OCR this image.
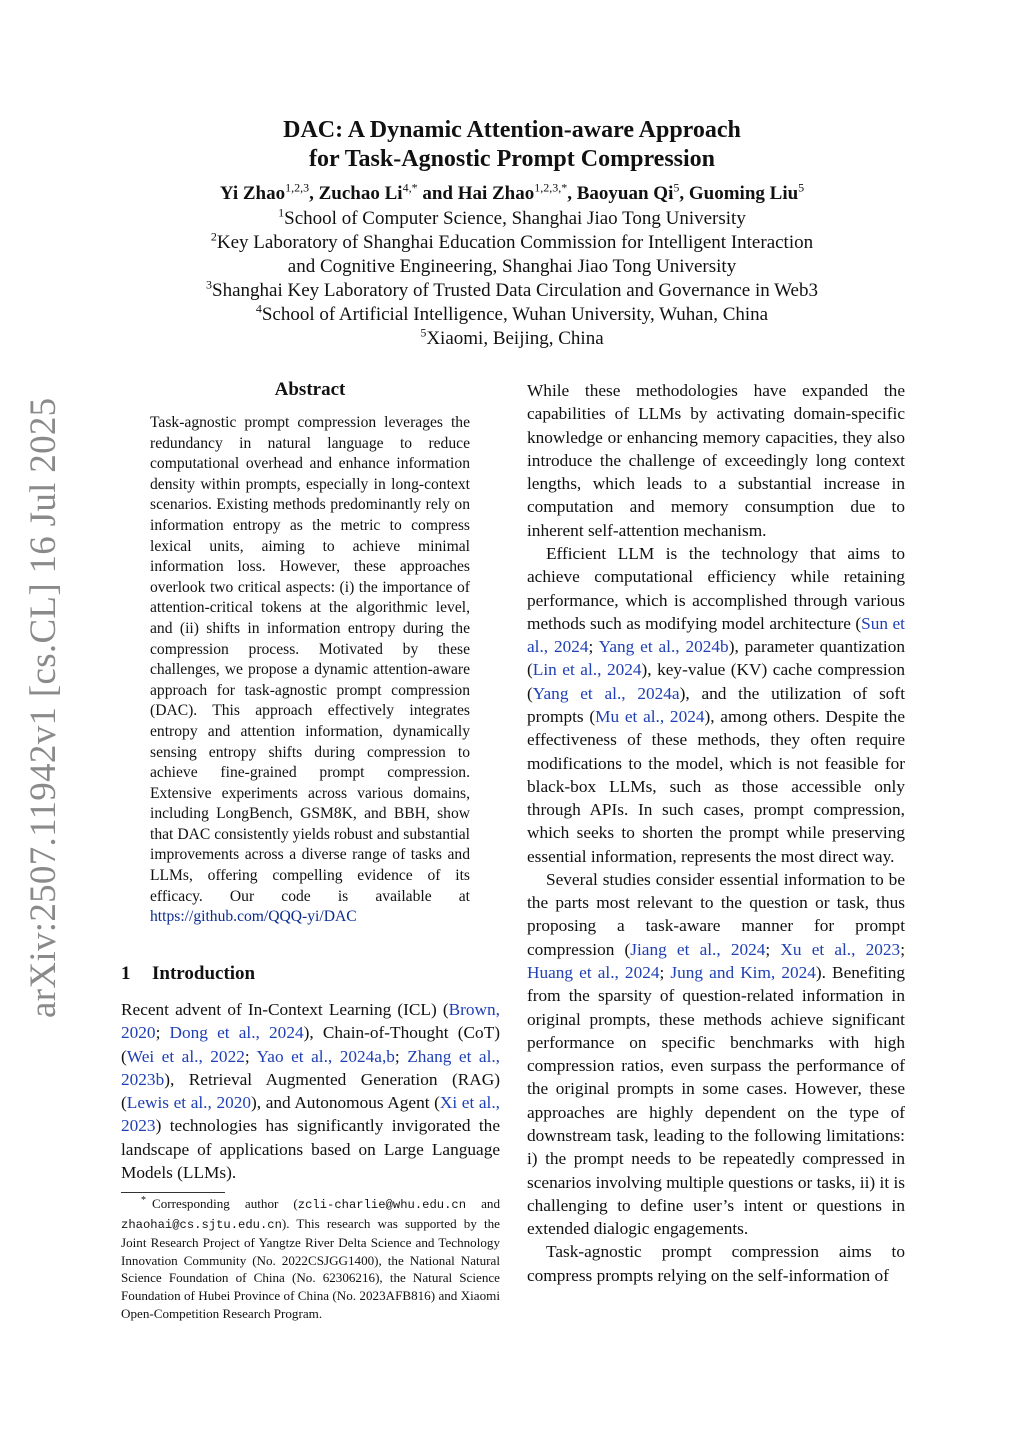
arXiv:2507.11942v1 [cs.CL] 16 Jul 2025
DAC: A Dynamic Attention-aware Approach
for Task-Agnostic Prompt Compression
Yi Zhao$^{1,2,3}$, Zuchao $Li^{4,*}$ and Hai Zhao$^{1,2,3,*}$, Baoyuan Qi$^5$, Guoming Liu$^5$
$^1$School of Computer Science, Shanghai Jiao Tong University
$^2$Key Laboratory of Shanghai Education Commission for Intelligent Interaction
and Cognitive Engineering, Shanghai Jiao Tong University
$^3$Shanghai Key Laboratory of Trusted Data Circulation and Governance in Web3
$^4$School of Artificial Intelligence, Wuhan University, Wuhan, China
$^5$Xiaomi, Beijing, China
Abstract
Task-agnostic prompt compression leverages the redundancy in natural language to reduce computational overhead and enhance information density within prompts, especially in long-context scenarios. Existing methods predominantly rely on information entropy as the metric to compress lexical units, aiming to achieve minimal information loss. However, these approaches overlook two critical aspects: (i) the importance of attention-critical tokens at the algorithmic level, and (ii) shifts in information entropy during the compression process. Motivated by these challenges, we propose a dynamic attention-aware approach for task-agnostic prompt compression (DAC). This approach effectively integrates entropy and attention information, dynamically sensing entropy shifts during compression to achieve fine-grained prompt compression. Extensive experiments across various domains, including LongBench, GSM8K, and BBH, show that DAC consistently yields robust and substantial improvements across a diverse range of tasks and LLMs, offering compelling evidence of its efficacy. Our code is available at https://github.com/QQQ-yi/DAC
1 Introduction
Recent advent of In-Context Learning (ICL) (Brown, 2020; Dong et al., 2024), Chain-of-Thought (CoT) (Wei et al., 2022; Yao et al., 2024a,b; Zhang et al., 2023b), Retrieval Augmented Generation (RAG) (Lewis et al., 2020), and Autonomous Agent (Xi et al., 2023) technologies has significantly invigorated the landscape of applications based on Large Language Models (LLMs).
* Corresponding author (zcli-charlie@whu.edu.cn and zhaohai@cs.sjtu.edu.cn). This research was supported by the Joint Research Project of Yangtze River Delta Science and Technology Innovation Community (No. 2022CSJGG1400), the National Natural Science Foundation of China (No. 62306216), the Natural Science Foundation of Hubei Province of China (No. 2023AFB816) and Xiaomi Open-Competition Research Program.

While these methodologies have expanded the capabilities of LLMs by activating domain-specific knowledge or enhancing memory capacities, they also introduce the challenge of exceedingly long context lengths, which leads to a substantial increase in computation and memory consumption due to inherent self-attention mechanism.

Efficient LLM is the technology that aims to achieve computational efficiency while retaining performance, which is accomplished through various methods such as modifying model architecture (Sun et al., 2024; Yang et al., 2024b), parameter quantization (Lin et al., 2024), key-value (KV) cache compression (Yang et al., 2024a), and the utilization of soft prompts (Mu et al., 2024), among others. Despite the effectiveness of these methods, they often require modifications to the model, which is not feasible for black-box LLMs, such as those accessible only through APIs. In such cases, prompt compression, which seeks to shorten the prompt while preserving essential information, represents the most direct way.

Several studies consider essential information to be the parts most relevant to the question or task, thus proposing a task-aware manner for prompt compression (Jiang et al., 2024; Xu et al., 2023; Huang et al., 2024; Jung and Kim, 2024). Benefiting from the sparsity of question-related information in original prompts, these methods achieve significant performance on specific benchmarks with high compression ratios, even surpass the performance of the original prompts in some cases. However, these approaches are highly dependent on the type of downstream task, leading to the following limitations: i) the prompt needs to be repeatedly compressed in scenarios involving multiple questions or tasks, ii) it is challenging to define user’s intent or questions in extended dialogic engagements.

Task-agnostic prompt compression aims to compress prompts relying on the self-information of
